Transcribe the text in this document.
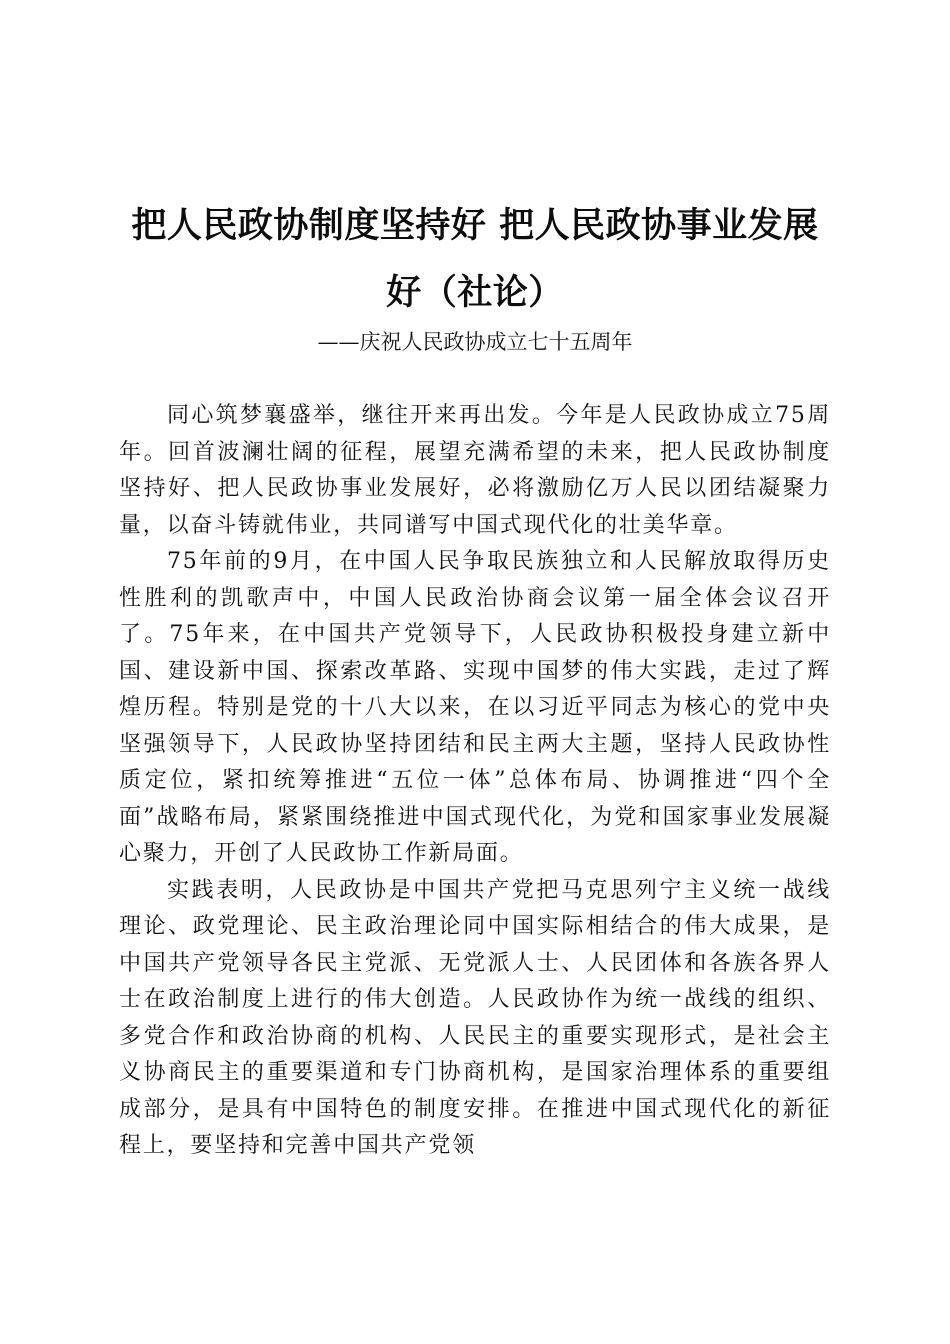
把人民政协制度坚持好 把人民政协事业发展
好（社论）

——庆祝人民政协成立七十五周年

同心筑梦襄盛举，继往开来再出发。今年是人民政协成立75周年。回首波澜壮阔的征程，展望充满希望的未来，把人民政协制度坚持好、把人民政协事业发展好，必将激励亿万人民以团结凝聚力量，以奋斗铸就伟业，共同谱写中国式现代化的壮美华章。

75年前的9月，在中国人民争取民族独立和人民解放取得历史性胜利的凯歌声中，中国人民政治协商会议第一届全体会议召开了。75年来，在中国共产党领导下，人民政协积极投身建立新中国、建设新中国、探索改革路、实现中国梦的伟大实践，走过了辉煌历程。特别是党的十八大以来，在以习近平同志为核心的党中央坚强领导下，人民政协坚持团结和民主两大主题，坚持人民政协性质定位，紧扣统筹推进“五位一体”总体布局、协调推进“四个全面”战略布局，紧紧围绕推进中国式现代化，为党和国家事业发展凝心聚力，开创了人民政协工作新局面。

实践表明，人民政协是中国共产党把马克思列宁主义统一战线理论、政党理论、民主政治理论同中国实际相结合的伟大成果，是中国共产党领导各民主党派、无党派人士、人民团体和各族各界人士在政治制度上进行的伟大创造。人民政协作为统一战线的组织、多党合作和政治协商的机构、人民民主的重要实现形式，是社会主义协商民主的重要渠道和专门协商机构，是国家治理体系的重要组成部分，是具有中国特色的制度安排。在推进中国式现代化的新征程上，要坚持和完善中国共产党领
